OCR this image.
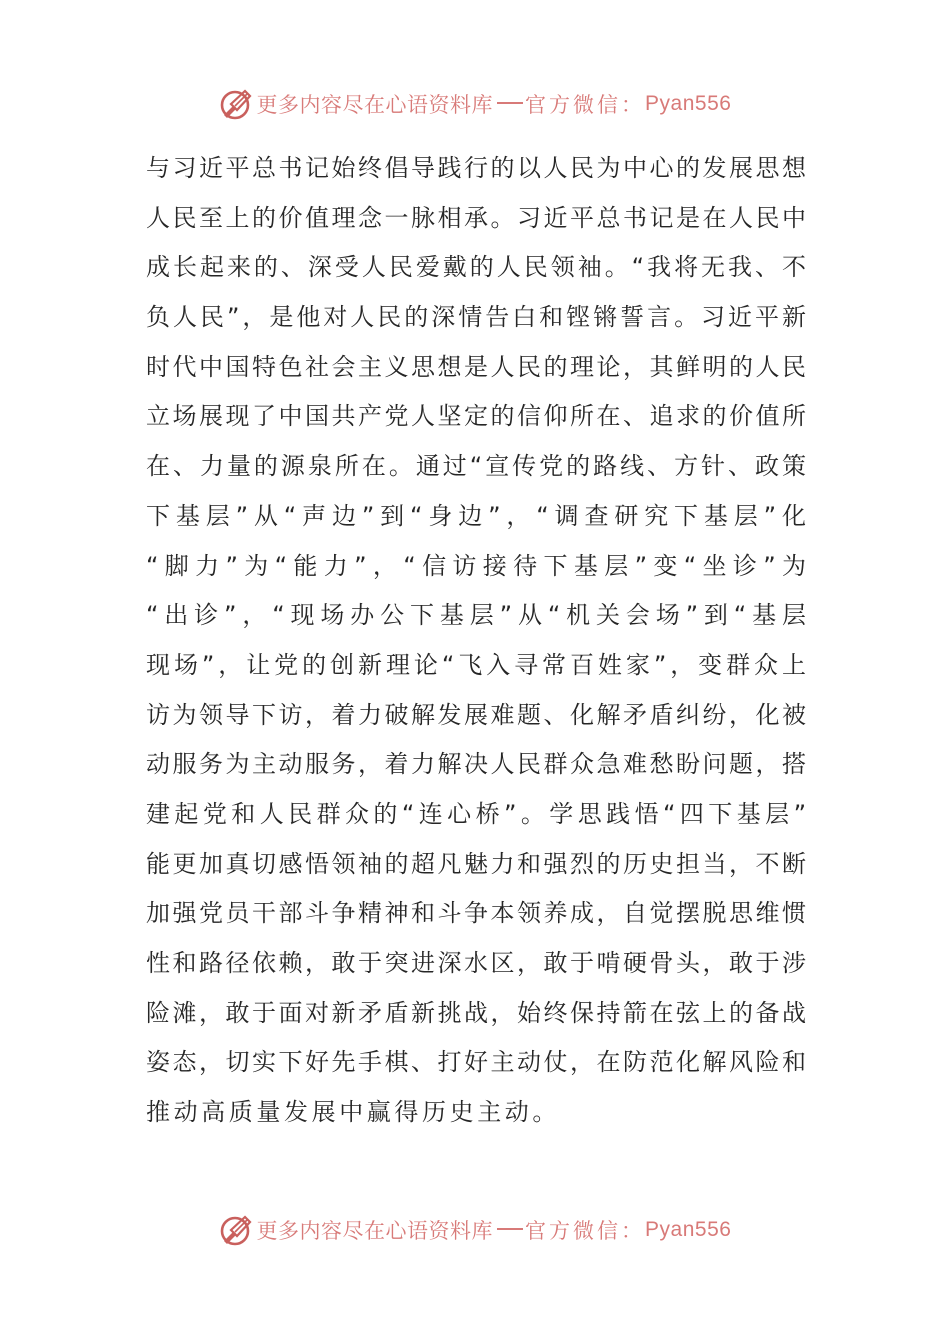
更多内容尽在心语资料库 官方微信： Pyan556
与习近平总书记始终倡导践行的以人民为中心的发展思想
人民至上的价值理念一脉相承。习近平总书记是在人民中
成长起来的、深受人民爱戴的人民领袖。“我将无我、不
负人民”，是他对人民的深情告白和铿锵誓言。习近平新
时代中国特色社会主义思想是人民的理论，其鲜明的人民
立场展现了中国共产党人坚定的信仰所在、追求的价值所
在、力量的源泉所在。通过“宣传党的路线、方针、政策
下基层”从“声边”到“身边”，“调查研究下基层”化
“脚力”为“能力”，“信访接待下基层”变“坐诊”为
“出诊”，“现场办公下基层”从“机关会场”到“基层
现场”，让党的创新理论“飞入寻常百姓家”，变群众上
访为领导下访，着力破解发展难题、化解矛盾纠纷，化被
动服务为主动服务，着力解决人民群众急难愁盼问题，搭
建起党和人民群众的“连心桥”。学思践悟“四下基层”
能更加真切感悟领袖的超凡魅力和强烈的历史担当，不断
加强党员干部斗争精神和斗争本领养成，自觉摆脱思维惯
性和路径依赖，敢于突进深水区，敢于啃硬骨头，敢于涉
险滩，敢于面对新矛盾新挑战，始终保持箭在弦上的备战
姿态，切实下好先手棋、打好主动仗，在防范化解风险和
推动高质量发展中赢得历史主动。
更多内容尽在心语资料库 官方微信： Pyan556
